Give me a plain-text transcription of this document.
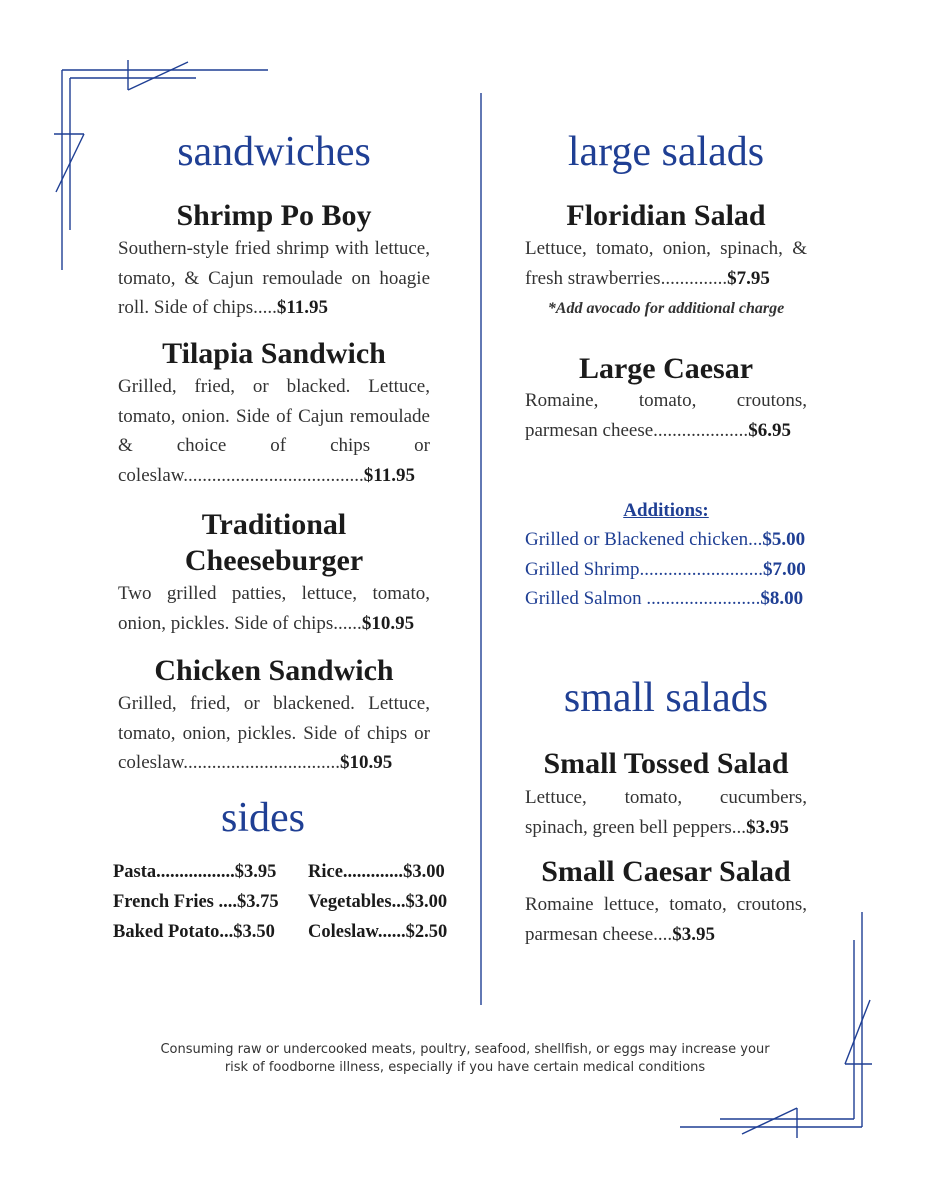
sandwiches
Shrimp Po Boy
Southern-style fried shrimp with lettuce, tomato, & Cajun remoulade on hoagie roll. Side of chips.....$11.95
Tilapia Sandwich
Grilled, fried, or blacked. Lettuce, tomato, onion. Side of Cajun remoulade & choice of chips or coleslaw......................................$11.95
Traditional
Cheeseburger
Two grilled patties, lettuce, tomato, onion, pickles. Side of chips......$10.95
Chicken Sandwich
Grilled, fried, or blackened. Lettuce, tomato, onion, pickles. Side of chips or coleslaw.................................$10.95
sides
Pasta.................$3.95 Rice.............$3.00
French Fries ....$3.75 Vegetables...$3.00
Baked Potato...$3.50 Coleslaw......$2.50
large salads
Floridian Salad
Lettuce, tomato, onion, spinach, & fresh strawberries..............$7.95
*Add avocado for additional charge
Large Caesar
Romaine, tomato, croutons, parmesan cheese....................$6.95
Additions:
Grilled or Blackened chicken...$5.00
Grilled Shrimp..........................$7.00
Grilled Salmon ........................$8.00
small salads
Small Tossed Salad
Lettuce, tomato, cucumbers, spinach, green bell peppers...$3.95
Small Caesar Salad
Romaine lettuce, tomato, croutons, parmesan cheese....$3.95
Consuming raw or undercooked meats, poultry, seafood, shellfish, or eggs may increase your
risk of foodborne illness, especially if you have certain medical conditions
